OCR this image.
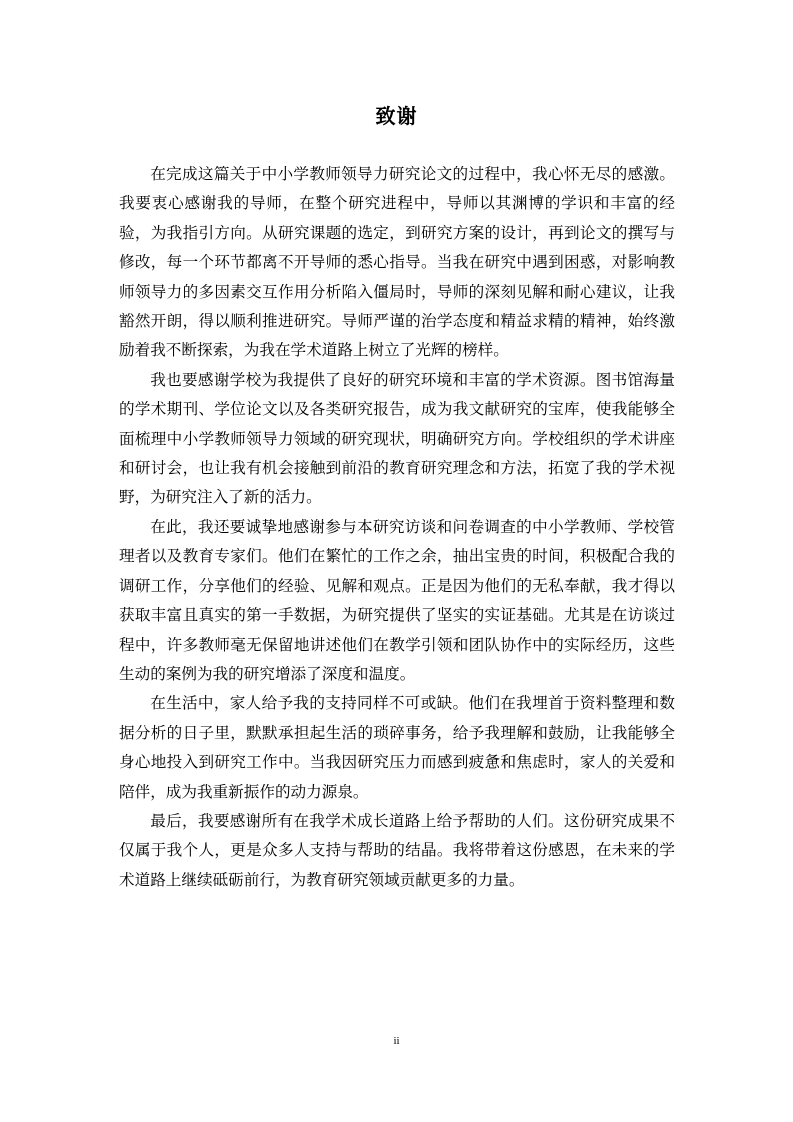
致谢

在完成这篇关于中小学教师领导力研究论文的过程中，我心怀无尽的感激。我要衷心感谢我的导师，在整个研究进程中，导师以其渊博的学识和丰富的经验，为我指引方向。从研究课题的选定，到研究方案的设计，再到论文的撰写与修改，每一个环节都离不开导师的悉心指导。当我在研究中遇到困惑，对影响教师领导力的多因素交互作用分析陷入僵局时，导师的深刻见解和耐心建议，让我豁然开朗，得以顺利推进研究。导师严谨的治学态度和精益求精的精神，始终激励着我不断探索，为我在学术道路上树立了光辉的榜样。

我也要感谢学校为我提供了良好的研究环境和丰富的学术资源。图书馆海量的学术期刊、学位论文以及各类研究报告，成为我文献研究的宝库，使我能够全面梳理中小学教师领导力领域的研究现状，明确研究方向。学校组织的学术讲座和研讨会，也让我有机会接触到前沿的教育研究理念和方法，拓宽了我的学术视野，为研究注入了新的活力。

在此，我还要诚挚地感谢参与本研究访谈和问卷调查的中小学教师、学校管理者以及教育专家们。他们在繁忙的工作之余，抽出宝贵的时间，积极配合我的调研工作，分享他们的经验、见解和观点。正是因为他们的无私奉献，我才得以获取丰富且真实的第一手数据，为研究提供了坚实的实证基础。尤其是在访谈过程中，许多教师毫无保留地讲述他们在教学引领和团队协作中的实际经历，这些生动的案例为我的研究增添了深度和温度。

在生活中，家人给予我的支持同样不可或缺。他们在我埋首于资料整理和数据分析的日子里，默默承担起生活的琐碎事务，给予我理解和鼓励，让我能够全身心地投入到研究工作中。当我因研究压力而感到疲惫和焦虑时，家人的关爱和陪伴，成为我重新振作的动力源泉。

最后，我要感谢所有在我学术成长道路上给予帮助的人们。这份研究成果不仅属于我个人，更是众多人支持与帮助的结晶。我将带着这份感恩，在未来的学术道路上继续砥砺前行，为教育研究领域贡献更多的力量。

ii
